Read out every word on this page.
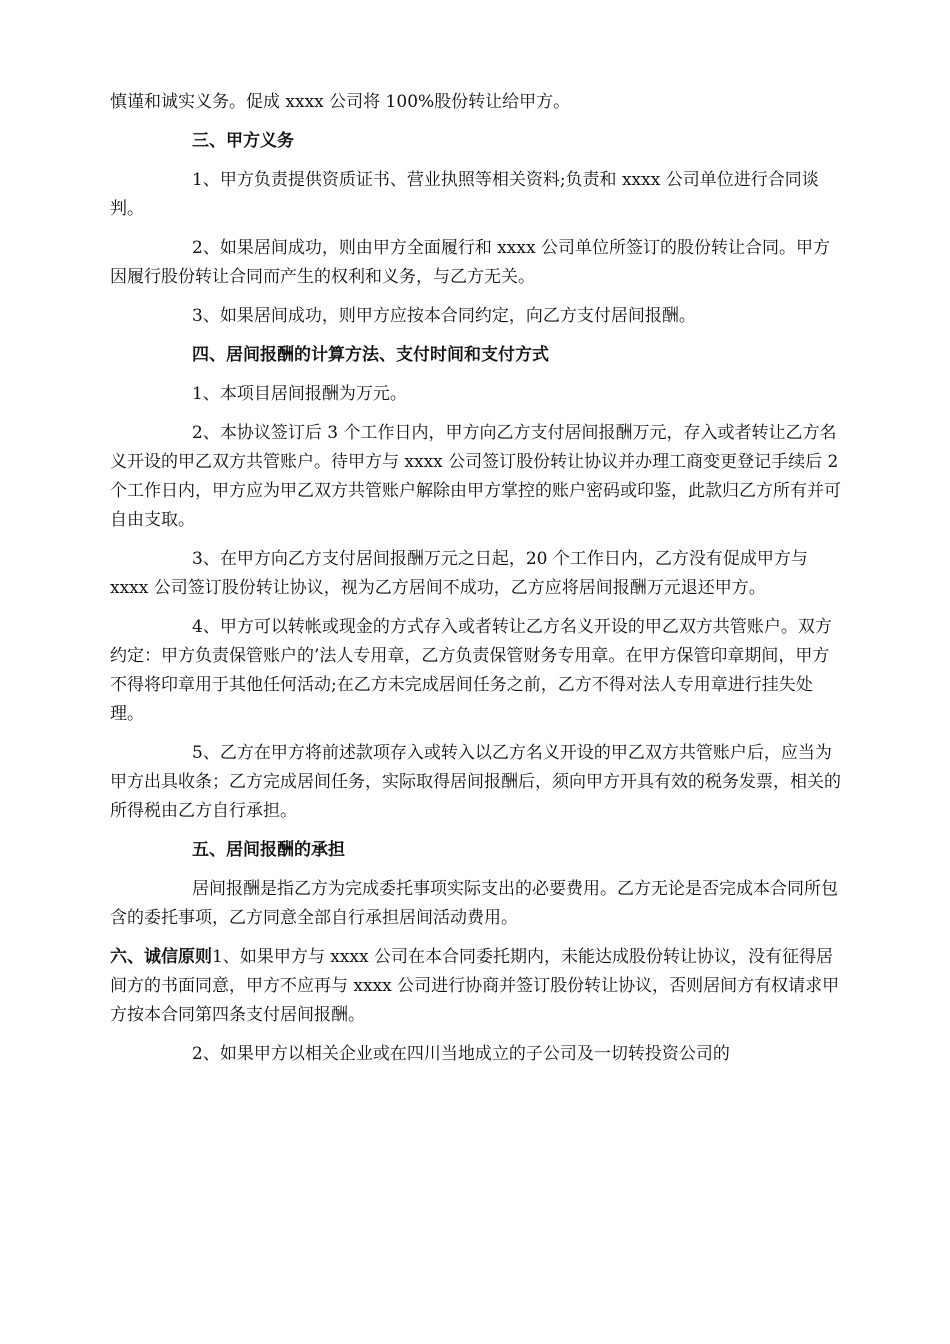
慎谨和诚实义务。促成 xxxx 公司将 100%股份转让给甲方。

三、甲方义务

1、甲方负责提供资质证书、营业执照等相关资料;负责和 xxxx 公司单位进行合同谈判。

2、如果居间成功，则由甲方全面履行和 xxxx 公司单位所签订的股份转让合同。甲方因履行股份转让合同而产生的权利和义务，与乙方无关。

3、如果居间成功，则甲方应按本合同约定，向乙方支付居间报酬。

四、居间报酬的计算方法、支付时间和支付方式

1、本项目居间报酬为万元。

2、本协议签订后 3 个工作日内，甲方向乙方支付居间报酬万元，存入或者转让乙方名义开设的甲乙双方共管账户。待甲方与 xxxx 公司签订股份转让协议并办理工商变更登记手续后 2 个工作日内，甲方应为甲乙双方共管账户解除由甲方掌控的账户密码或印鉴，此款归乙方所有并可自由支取。

3、在甲方向乙方支付居间报酬万元之日起，20 个工作日内，乙方没有促成甲方与 xxxx 公司签订股份转让协议，视为乙方居间不成功，乙方应将居间报酬万元退还甲方。

4、甲方可以转帐或现金的方式存入或者转让乙方名义开设的甲乙双方共管账户。双方约定：甲方负责保管账户的’法人专用章，乙方负责保管财务专用章。在甲方保管印章期间，甲方不得将印章用于其他任何活动;在乙方未完成居间任务之前，乙方不得对法人专用章进行挂失处理。

5、乙方在甲方将前述款项存入或转入以乙方名义开设的甲乙双方共管账户后，应当为甲方出具收条；乙方完成居间任务，实际取得居间报酬后，须向甲方开具有效的税务发票，相关的所得税由乙方自行承担。

五、居间报酬的承担

居间报酬是指乙方为完成委托事项实际支出的必要费用。乙方无论是否完成本合同所包含的委托事项，乙方同意全部自行承担居间活动费用。

六、诚信原则1、如果甲方与 xxxx 公司在本合同委托期内，未能达成股份转让协议，没有征得居间方的书面同意，甲方不应再与 xxxx 公司进行协商并签订股份转让协议，否则居间方有权请求甲方按本合同第四条支付居间报酬。

2、如果甲方以相关企业或在四川当地成立的子公司及一切转投资公司的
